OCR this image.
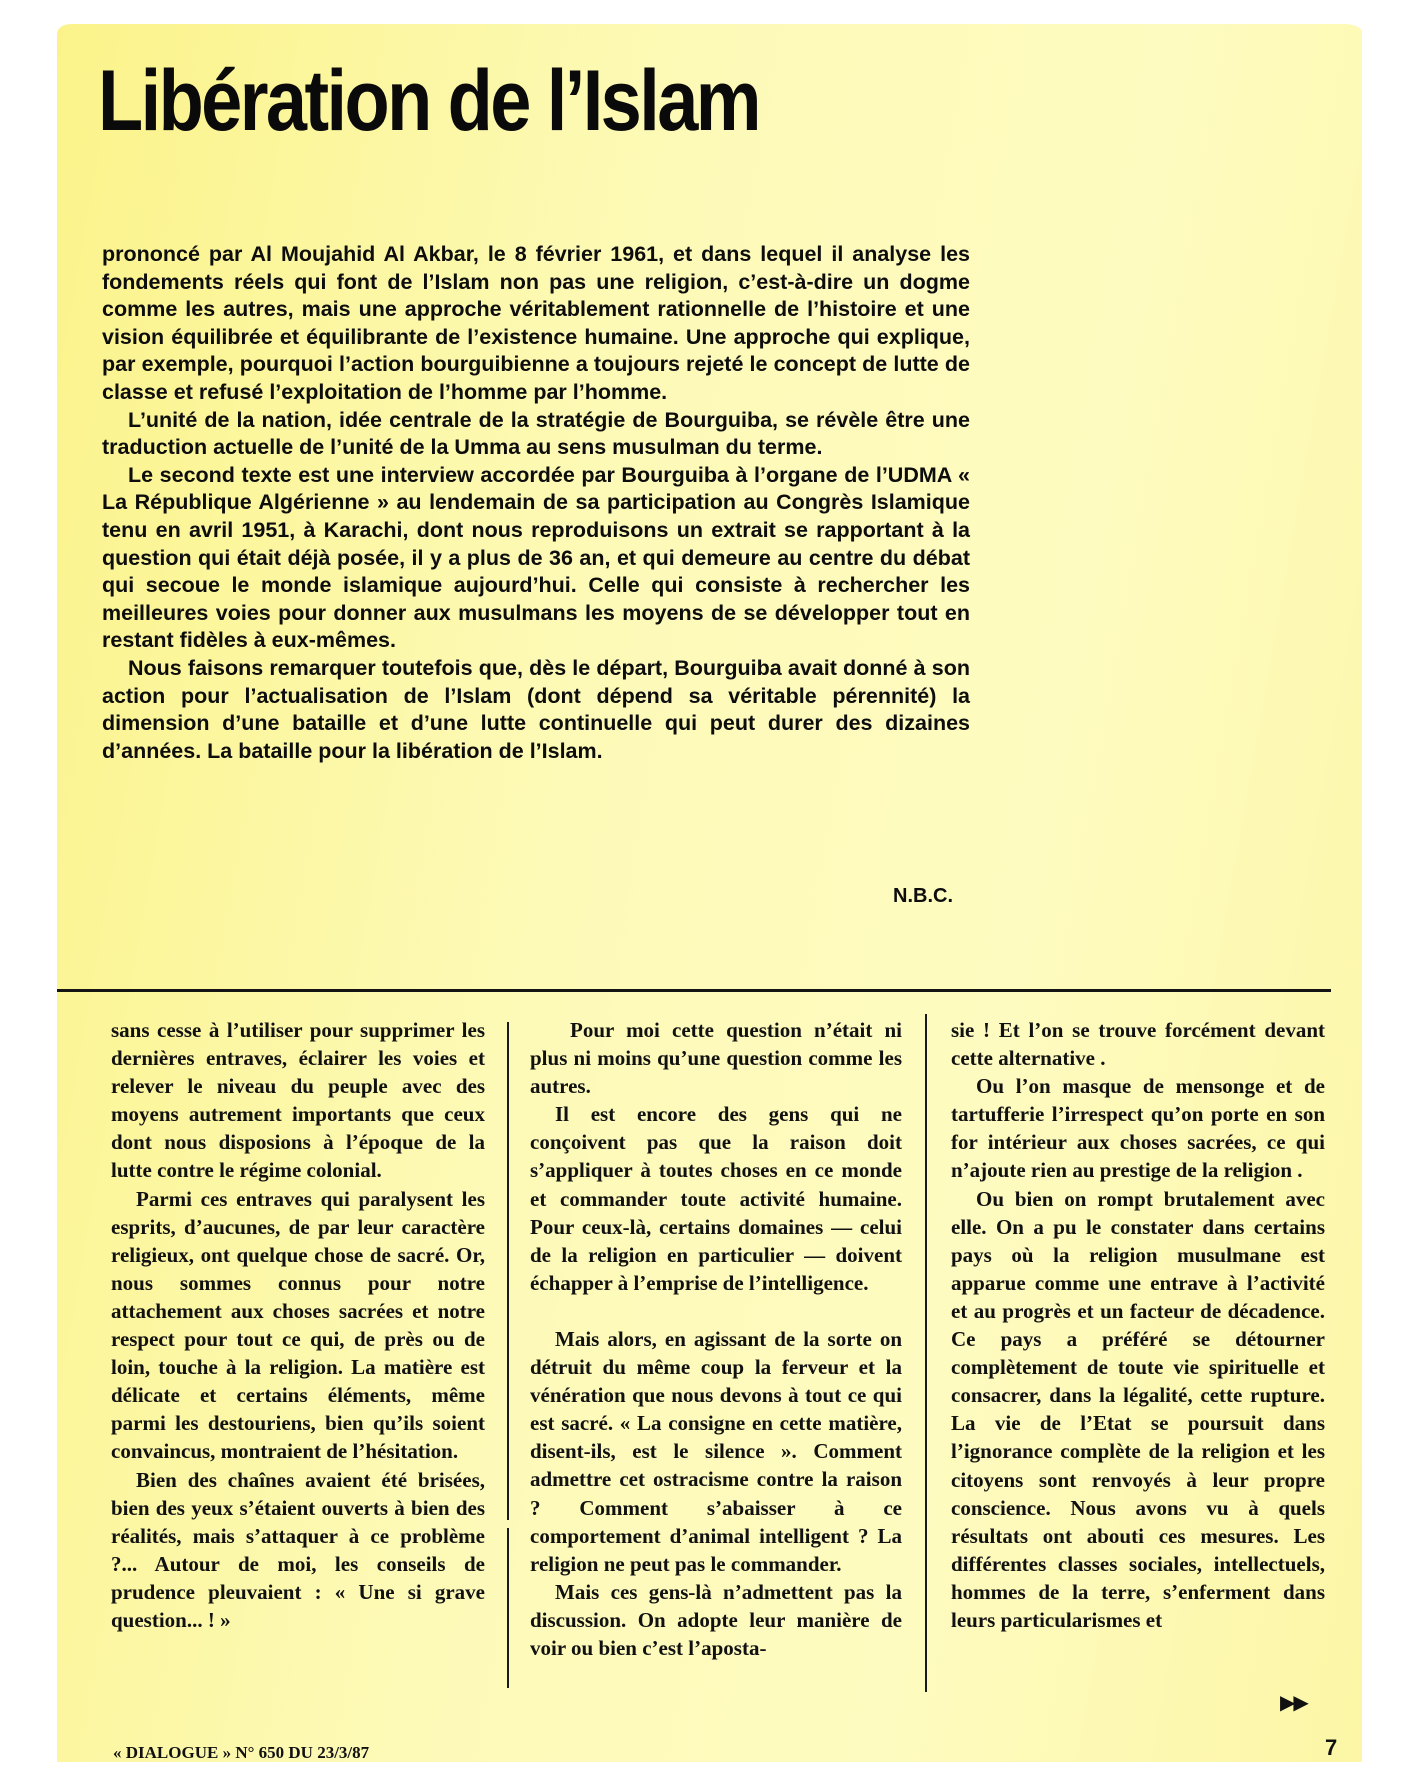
Libération de l’Islam

prononcé par Al Moujahid Al Akbar, le 8 février 1961, et dans lequel il analyse les fondements réels qui font de l’Islam non pas une religion, c’est-à-dire un dogme comme les autres, mais une approche véritablement rationnelle de l’histoire et une vision équilibrée et équilibrante de l’existence humaine. Une approche qui explique, par exemple, pourquoi l’action bourguibienne a toujours rejeté le concept de lutte de classe et refusé l’exploitation de l’homme par l’homme.

L’unité de la nation, idée centrale de la stratégie de Bourguiba, se révèle être une traduction actuelle de l’unité de la Umma au sens musulman du terme.

Le second texte est une interview accordée par Bourguiba à l’organe de l’UDMA « La République Algérienne » au lendemain de sa participation au Congrès Islamique tenu en avril 1951, à Karachi, dont nous reproduisons un extrait se rapportant à la question qui était déjà posée, il y a plus de 36 an, et qui demeure au centre du débat qui secoue le monde islamique aujourd’hui. Celle qui consiste à rechercher les meilleures voies pour donner aux musulmans les moyens de se développer tout en restant fidèles à eux-mêmes.

Nous faisons remarquer toutefois que, dès le départ, Bourguiba avait donné à son action pour l’actualisation de l’Islam (dont dépend sa véritable pérennité) la dimension d’une bataille et d’une lutte continuelle qui peut durer des dizaines d’années. La bataille pour la libération de l’Islam.

N.B.C.

sans cesse à l’utiliser pour supprimer les dernières entraves, éclairer les voies et relever le niveau du peuple avec des moyens autrement importants que ceux dont nous disposions à l’époque de la lutte contre le régime colonial.

Parmi ces entraves qui paralysent les esprits, d’aucunes, de par leur caractère religieux, ont quelque chose de sacré. Or, nous sommes connus pour notre attachement aux choses sacrées et notre respect pour tout ce qui, de près ou de loin, touche à la religion. La matière est délicate et certains éléments, même parmi les destouriens, bien qu’ils soient convaincus, montraient de l’hésitation.

Bien des chaînes avaient été brisées, bien des yeux s’étaient ouverts à bien des réalités, mais s’attaquer à ce problème ?... Autour de moi, les conseils de prudence pleuvaient : « Une si grave question... ! »

Pour moi cette question n’était ni plus ni moins qu’une question comme les autres.

Il est encore des gens qui ne conçoivent pas que la raison doit s’appliquer à toutes choses en ce monde et commander toute activité humaine. Pour ceux-là, certains domaines — celui de la religion en particulier — doivent échapper à l’emprise de l’intelligence.

Mais alors, en agissant de la sorte on détruit du même coup la ferveur et la vénération que nous devons à tout ce qui est sacré. « La consigne en cette matière, disent-ils, est le silence ». Comment admettre cet ostracisme contre la raison ? Comment s’abaisser à ce comportement d’animal intelligent ? La religion ne peut pas le commander.

Mais ces gens-là n’admettent pas la discussion. On adopte leur manière de voir ou bien c’est l’aposta-

sie ! Et l’on se trouve forcément devant cette alternative .

Ou l’on masque de mensonge et de tartufferie l’irrespect qu’on porte en son for intérieur aux choses sacrées, ce qui n’ajoute rien au prestige de la religion .

Ou bien on rompt brutalement avec elle. On a pu le constater dans certains pays où la religion musulmane est apparue comme une entrave à l’activité et au progrès et un facteur de décadence. Ce pays a préféré se détourner complètement de toute vie spirituelle et consacrer, dans la légalité, cette rupture. La vie de l’Etat se poursuit dans l’ignorance complète de la religion et les citoyens sont renvoyés à leur propre conscience. Nous avons vu à quels résultats ont abouti ces mesures. Les différentes classes sociales, intellectuels, hommes de la terre, s’enferment dans leurs particularismes et

▶▶
« DIALOGUE » N° 650 DU 23/3/87	7
